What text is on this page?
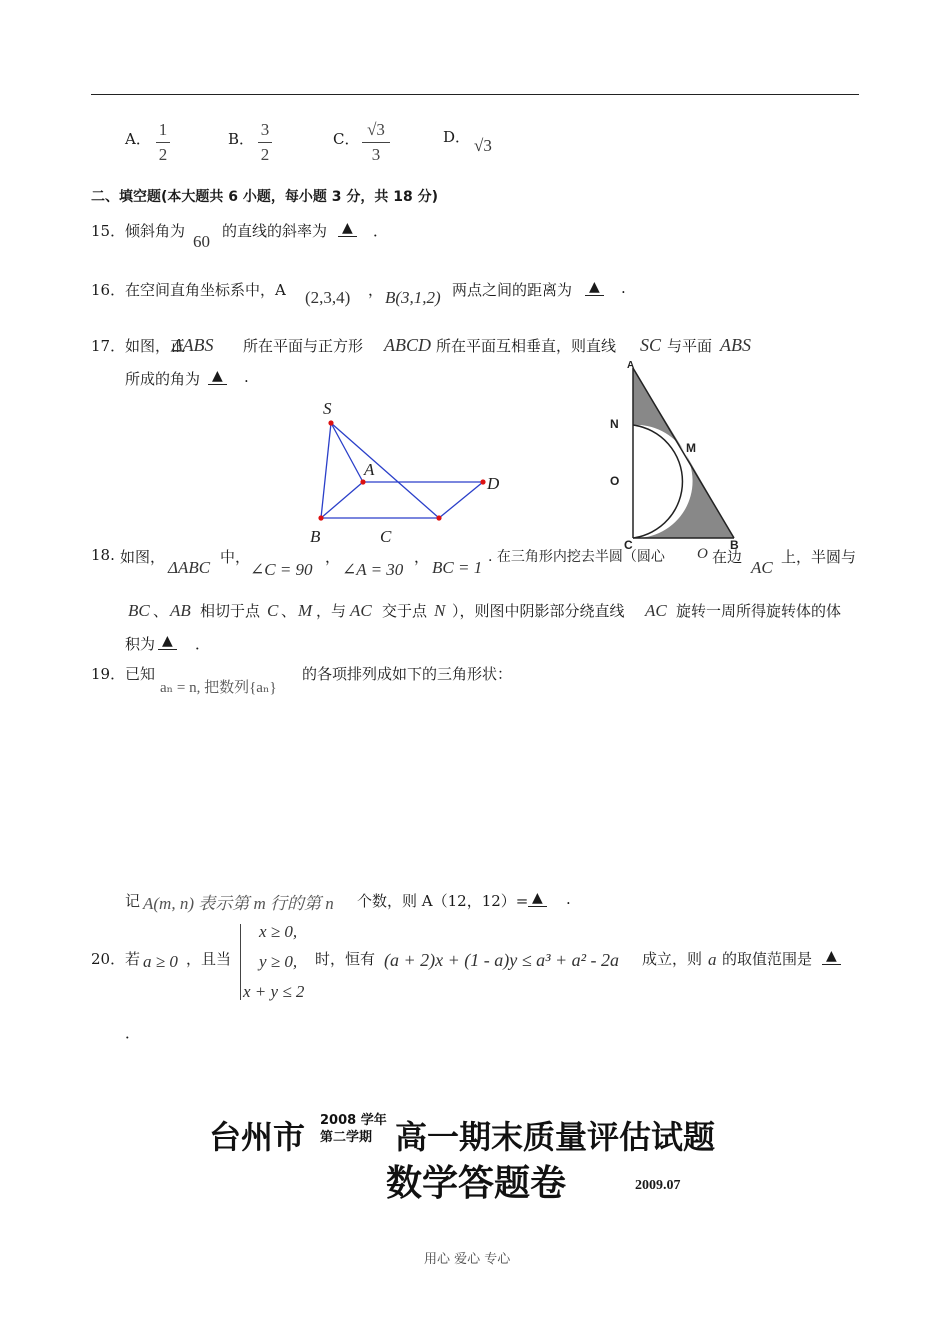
A． 1
2
B． 3
2
C． √3
3
D． √3
二、填空题(本大题共 6 小题，每小题 3 分，共 18 分)
15． 倾斜角为
60
的直线的斜率为 ▲ ．
16． 在空间直角坐标系中，A (2,3,4) ， B(3,1,2) 两点之间的距离为 ▲ .
17． 如图，正
ΔABS 所在平面与正方形 ABCD 所在平面互相垂直，则直线 SC 与平面 ABS
所成的角为 ▲ .
S
A
D
B	C
A
N
M
O
C	B
18. 如图，
ΔABC
中，
∠C = 90
，
∠A = 30
，
BC = 1
. 在三角形内挖去半圆（圆心 O 在边
AC
上，半圆与
BC 、 AB 相切于点 C 、 M ，与 AC 交于点 N ），则图中阴影部分绕直线 AC 旋转一周所得旋转体的体
积为 ▲ ．
19． 已知
aₙ = n, 把数列{aₙ}
的各项排列成如下的三角形状：
记 A(m, n) 表示第 m 行的第 n 个数，则 A（12，12）= ▲ .
20． 若 a ≥ 0 ，且当
x ≥ 0,
y ≥ 0,
x + y ≤ 2
时，恒有 (a + 2)x + (1 - a)y ≤ a³ + a² - 2a 成立，则 a 的取值范围是 ▲
．
台州市 2008 学年
第二学期 高一期末质量评估试题
数学答题卷	2009.07
用心 爱心 专心
